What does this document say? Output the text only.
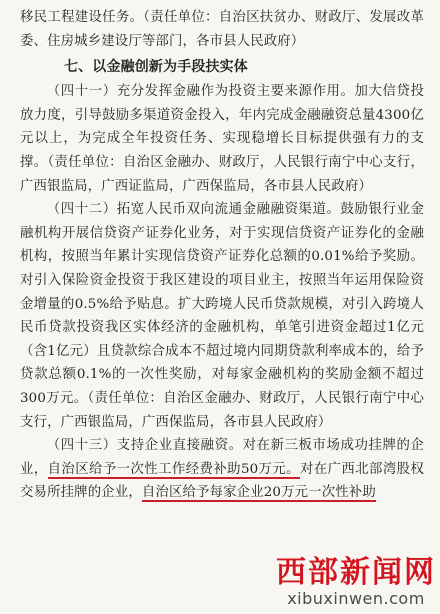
移民工程建设任务。（责任单位：自治区扶贫办、财政厅、发展改革委、住房城乡建设厅等部门，各市县人民政府）

七、以金融创新为手段扶实体

（四十一）充分发挥金融作为投资主要来源作用。加大信贷投放力度，引导鼓励多渠道资金投入，年内完成金融融资总量4300亿元以上，为完成全年投资任务、实现稳增长目标提供强有力的支撑。（责任单位：自治区金融办、财政厅，人民银行南宁中心支行，广西银监局，广西证监局，广西保监局，各市县人民政府）

（四十二）拓宽人民币双向流通金融融资渠道。鼓励银行业金融机构开展信贷资产证券化业务，对于实现信贷资产证券化的金融机构，按照当年累计实现信贷资产证券化总额的0.01%给予奖励。对引入保险资金投资于我区建设的项目业主，按照当年运用保险资金增量的0.5%给予贴息。扩大跨境人民币贷款规模，对引入跨境人民币贷款投资我区实体经济的金融机构，单笔引进资金超过1亿元（含1亿元）且贷款综合成本不超过境内同期贷款利率成本的，给予贷款总额0.1%的一次性奖励，对每家金融机构的奖励金额不超过300万元。（责任单位：自治区金融办、财政厅，人民银行南宁中心支行，广西银监局，广西保监局，各市县人民政府）

（四十三）支持企业直接融资。对在新三板市场成功挂牌的企业，自治区给予一次性工作经费补助50万元。对在广西北部湾股权交易所挂牌的企业，自治区给予每家企业20万元一次性补助

西部新闻网
xibuxinwen.com
